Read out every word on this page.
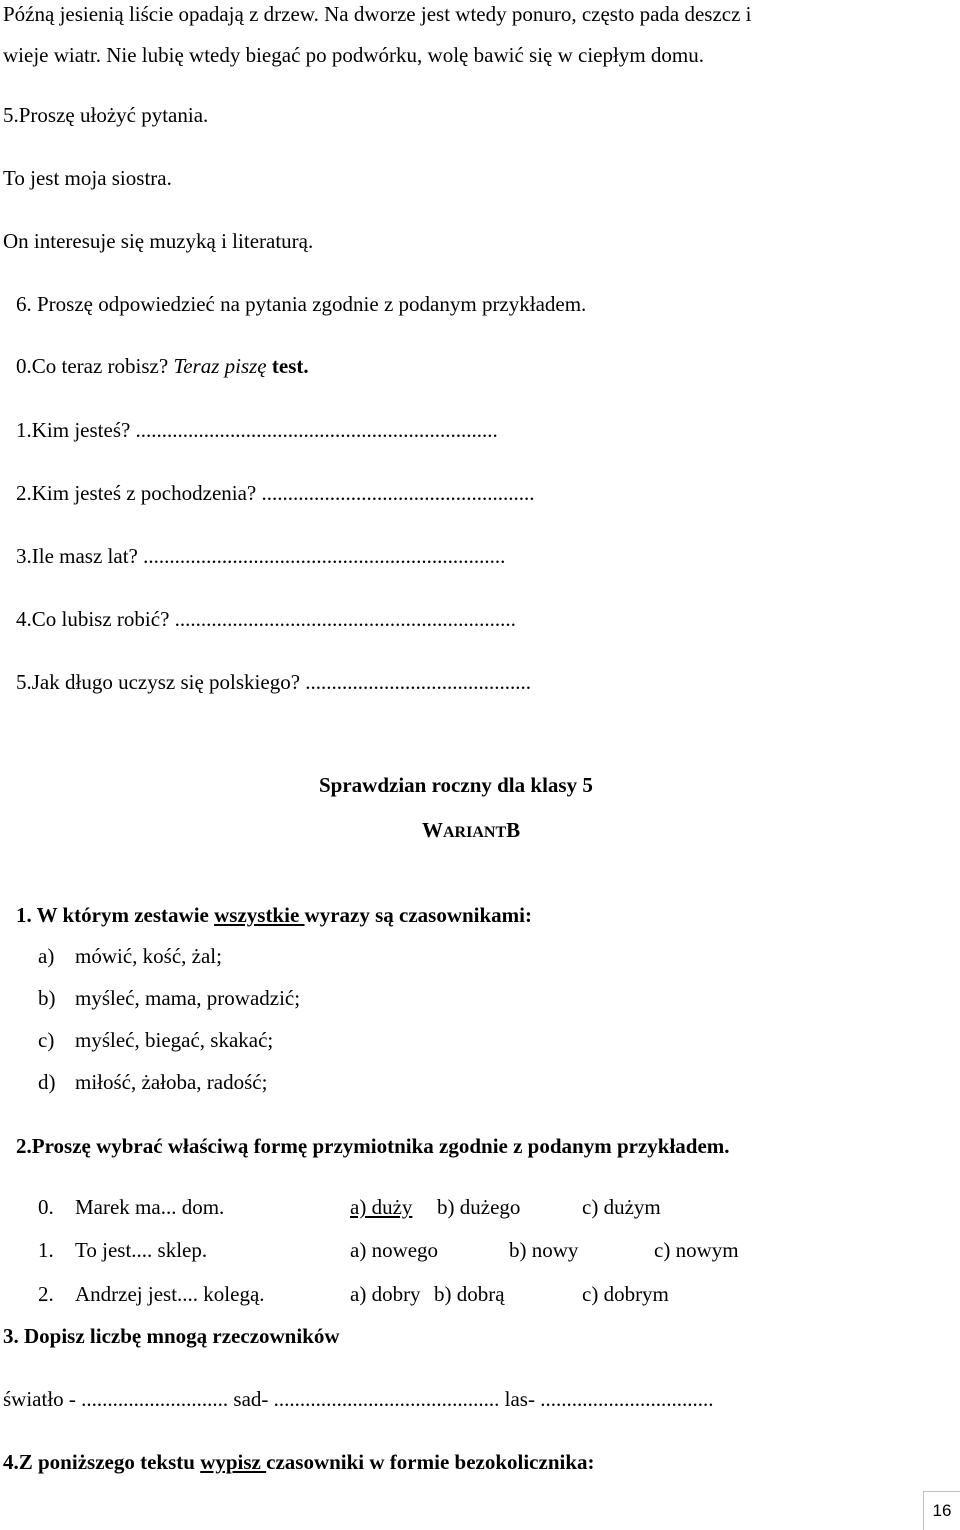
Późną jesienią liście opadają z drzew. Na dworze jest wtedy ponuro, często pada deszcz i
wieje wiatr. Nie lubię wtedy biegać po podwórku, wolę bawić się w ciepłym domu.
5.Proszę ułożyć pytania.
To jest moja siostra.
On interesuje się muzyką i literaturą.
6. Proszę odpowiedzieć na pytania zgodnie z podanym przykładem.
0.Co teraz robisz? Teraz piszę test.
1.Kim jesteś? .....................................................................
2.Kim jesteś z pochodzenia? ....................................................
3.Ile masz lat? .....................................................................
4.Co lubisz robić? .................................................................
5.Jak długo uczysz się polskiego? ...........................................
Sprawdzian roczny dla klasy 5
WARIANTB
1. W którym zestawie wszystkie wyrazy są czasownikami:
a) mówić, kość, żal;
b) myśleć, mama, prowadzić;
c) myśleć, biegać, skakać;
d) miłość, żałoba, radość;
2.Proszę wybrać właściwą formę przymiotnika zgodnie z podanym przykładem.
0. Marek ma... dom.	a) duży b) dużego	c) dużym
1. To jest.... sklep.	a) nowego	b) nowy	c) nowym
2. Andrzej jest.... kolegą.	a) dobry b) dobrą	c) dobrym
3. Dopisz liczbę mnogą rzeczowników
światło - ............................ sad- ........................................... las- .................................
4.Z poniższego tekstu wypisz czasowniki w formie bezokolicznika:
16
